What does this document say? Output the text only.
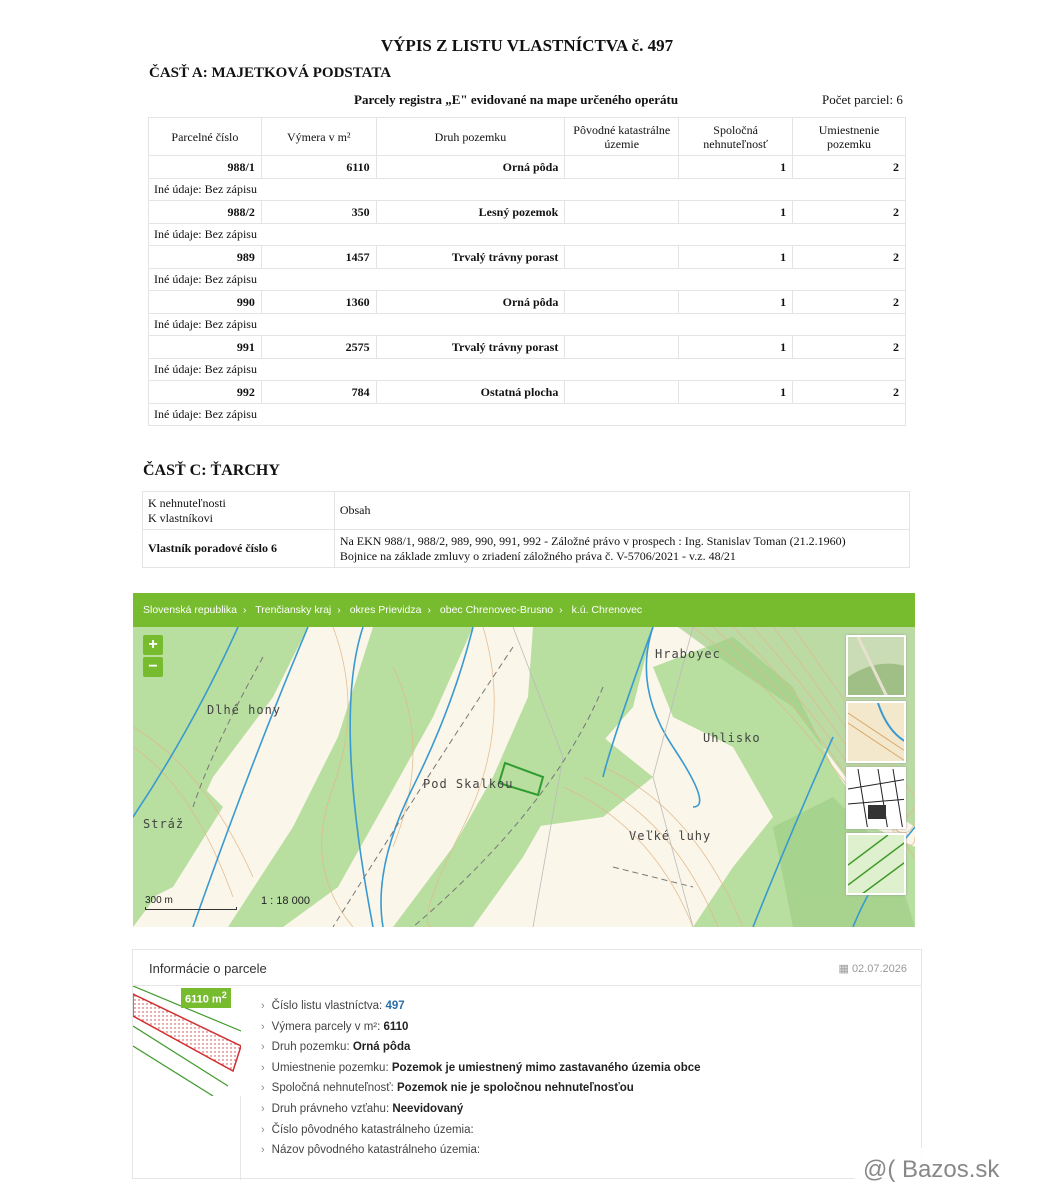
VÝPIS Z LISTU VLASTNÍCTVA č. 497
ČASŤ A: MAJETKOVÁ PODSTATA
Parcely registra „E" evidované na mape určeného operátu	Počet parciel: 6
Parcelné číslo	Výmera v m²	Druh pozemku	Pôvodné katastrálne územie	Spoločná nehnuteľnosť	Umiestnenie pozemku
988/1	6110	Orná pôda		1	2
Iné údaje: Bez zápisu					
988/2	350	Lesný pozemok		1	2
Iné údaje: Bez zápisu					
989	1457	Trvalý trávny porast		1	2
Iné údaje: Bez zápisu					
990	1360	Orná pôda		1	2
Iné údaje: Bez zápisu					
991	2575	Trvalý trávny porast		1	2
Iné údaje: Bez zápisu					
992	784	Ostatná plocha		1	2
Iné údaje: Bez zápisu					
ČASŤ C: ŤARCHY
K nehnuteľnosti
K vlastníkovi	Obsah
Vlastník poradové číslo 6	Na EKN 988/1, 988/2, 989, 990, 991, 992 - Záložné právo v prospech : Ing. Stanislav Toman (21.2.1960)
Bojnice na základe zmluvy o zriadení záložného práva č. V-5706/2021 - v.z. 48/21
Slovenská republika › Trenčiansky kraj › okres Prievidza › obec Chrenovec-Brusno › k.ú. Chrenovec
+
−
Dlhé hony
Hraboyec
Uhlisko
Pod Skalkou
Stráž
Veľké luhy
300 m	1 : 18 000
Informácie o parcele	▦ 02.07.2026
6110 $m^2$
› Číslo listu vlastníctva: 497
› Výmera parcely v m²: 6110
› Druh pozemku: Orná pôda
› Umiestnenie pozemku: Pozemok je umiestnený mimo zastavaného územia obce
› Spoločná nehnuteľnosť: Pozemok nie je spoločnou nehnuteľnosťou
› Druh právneho vzťahu: Neevidovaný
› Číslo pôvodného katastrálneho územia:
› Názov pôvodného katastrálneho územia:
@( Bazos.sk
